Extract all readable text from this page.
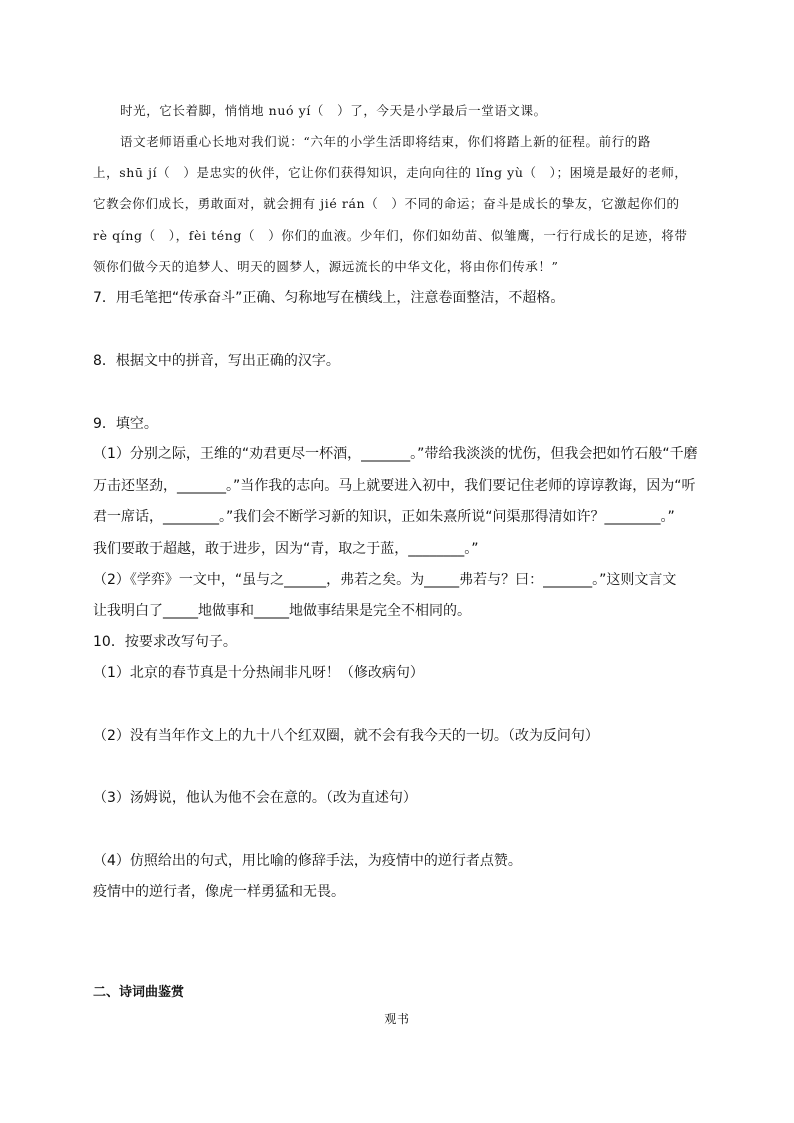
时光，它长着脚，悄悄地 nuó yí（　）了，今天是小学最后一堂语文课。
语文老师语重心长地对我们说：“六年的小学生活即将结束，你们将踏上新的征程。前行的路
上，shū jí（　）是忠实的伙伴，它让你们获得知识，走向向往的 lǐng yù（　）；困境是最好的老师，
它教会你们成长，勇敢面对，就会拥有 jié rán（　）不同的命运；奋斗是成长的挚友，它激起你们的
rè qíng（　），fèi téng（　）你们的血液。少年们，你们如幼苗、似雏鹰，一行行成长的足迹，将带
领你们做今天的追梦人、明天的圆梦人，源远流长的中华文化，将由你们传承！”
7．用毛笔把“传承奋斗”正确、匀称地写在横线上，注意卷面整洁，不超格。
8．根据文中的拼音，写出正确的汉字。
9．填空。
（1）分别之际，王维的“劝君更尽一杯酒，_______。”带给我淡淡的忧伤，但我会把如竹石般“千磨
万击还坚劲，_______。”当作我的志向。马上就要进入初中，我们要记住老师的谆谆教诲，因为“听
君一席话，________。”我们会不断学习新的知识，正如朱熹所说“问渠那得清如许？________。”
我们要敢于超越，敢于进步，因为“青，取之于蓝，________。”
（2）《学弈》一文中，“虽与之______，弗若之矣。为_____弗若与？曰：_______。”这则文言文
让我明白了_____地做事和_____地做事结果是完全不相同的。
10．按要求改写句子。
（1）北京的春节真是十分热闹非凡呀！（修改病句）
（2）没有当年作文上的九十八个红双圈，就不会有我今天的一切。（改为反问句）
（3）汤姆说，他认为他不会在意的。（改为直述句）
（4）仿照给出的句式，用比喻的修辞手法，为疫情中的逆行者点赞。
疫情中的逆行者，像虎一样勇猛和无畏。
二、诗词曲鉴赏
观书
